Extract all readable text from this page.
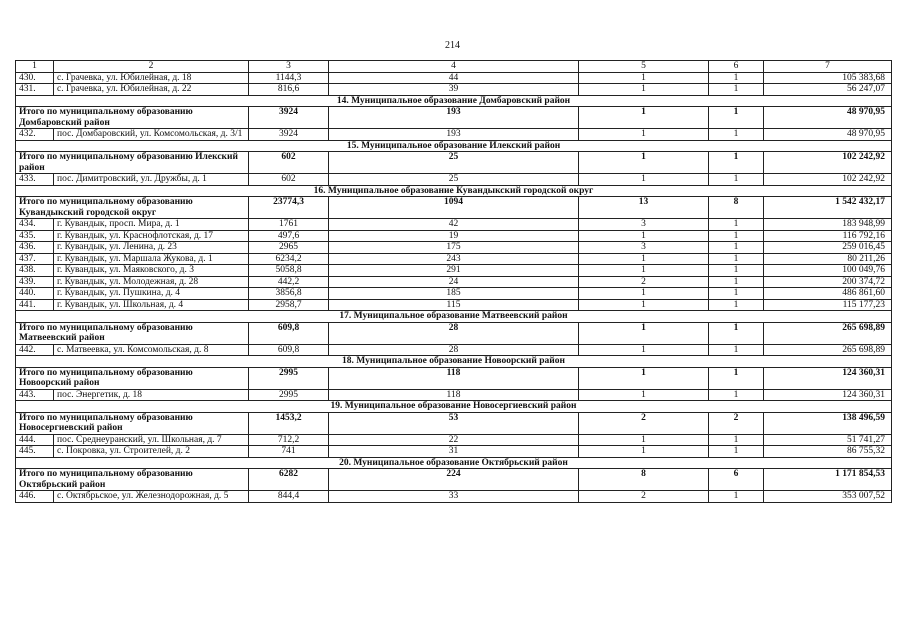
214
1	2	3	4	5	6	7
430.	с. Грачевка, ул. Юбилейная, д. 18	1144,3	44	1	1	105 383,68
431.	с. Грачевка, ул. Юбилейная, д. 22	816,6	39	1	1	56 247,07
14. Муниципальное образование Домбаровский район						
Итого по муниципальному образованию Домбаровский район		3924	193	1	1	48 970,95
432.	пос. Домбаровский, ул. Комсомольская, д. 3/1	3924	193	1	1	48 970,95
15. Муниципальное образование Илекский район						
Итого по муниципальному образованию Илекский район		602	25	1	1	102 242,92
433.	пос. Димитровский, ул. Дружбы, д. 1	602	25	1	1	102 242,92
16. Муниципальное образование Кувандыкский городской округ						
Итого по муниципальному образованию Кувандыкский городской округ		23774,3	1094	13	8	1 542 432,17
434.	г. Кувандык, просп. Мира, д. 1	1761	42	3	1	183 948,99
435.	г. Кувандык, ул. Краснофлотская, д. 17	497,6	19	1	1	116 792,16
436.	г. Кувандык, ул. Ленина, д. 23	2965	175	3	1	259 016,45
437.	г. Кувандык, ул. Маршала Жукова, д. 1	6234,2	243	1	1	80 211,26
438.	г. Кувандык, ул. Маяковского, д. 3	5058,8	291	1	1	100 049,76
439.	г. Кувандык, ул. Молодежная, д. 28	442,2	24	2	1	200 374,72
440.	г. Кувандык, ул. Пушкина, д. 4	3856,8	185	1	1	486 861,60
441.	г. Кувандык, ул. Школьная, д. 4	2958,7	115	1	1	115 177,23
17. Муниципальное образование Матвеевский район						
Итого по муниципальному образованию Матвеевский район		609,8	28	1	1	265 698,89
442.	с. Матвеевка, ул. Комсомольская, д. 8	609,8	28	1	1	265 698,89
18. Муниципальное образование Новоорский район						
Итого по муниципальному образованию Новоорский район		2995	118	1	1	124 360,31
443.	пос. Энергетик, д. 18	2995	118	1	1	124 360,31
19. Муниципальное образование Новосергиевский район						
Итого по муниципальному образованию Новосергиевский район		1453,2	53	2	2	138 496,59
444.	пос. Среднеуранский, ул. Школьная, д. 7	712,2	22	1	1	51 741,27
445.	с. Покровка, ул. Строителей, д. 2	741	31	1	1	86 755,32
20. Муниципальное образование Октябрьский район						
Итого по муниципальному образованию Октябрьский район		6282	224	8	6	1 171 854,53
446.	с. Октябрьское, ул. Железнодорожная, д. 5	844,4	33	2	1	353 007,52
